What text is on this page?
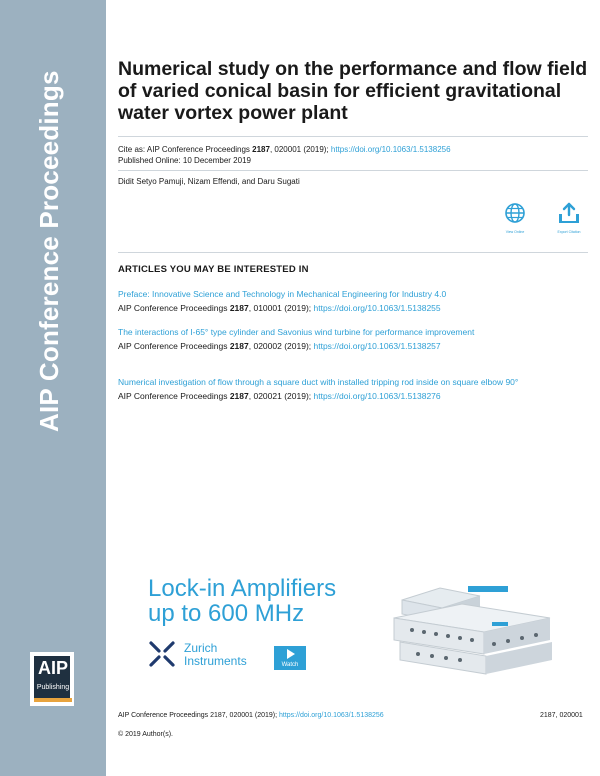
AIP Conference Proceedings
AIP
Publishing
Numerical study on the performance and flow field of varied conical basin for efficient gravitational water vortex power plant
Cite as: AIP Conference Proceedings 2187, 020001 (2019); https://doi.org/10.1063/1.5138256
Published Online: 10 December 2019
Didit Setyo Pamuji, Nizam Effendi, and Daru Sugati
View Online	Export Citation
ARTICLES YOU MAY BE INTERESTED IN
Preface: Innovative Science and Technology in Mechanical Engineering for Industry 4.0
AIP Conference Proceedings 2187, 010001 (2019); https://doi.org/10.1063/1.5138255
The interactions of I-65° type cylinder and Savonius wind turbine for performance improvement
AIP Conference Proceedings 2187, 020002 (2019); https://doi.org/10.1063/1.5138257
Numerical investigation of flow through a square duct with installed tripping rod inside on square elbow 90°
AIP Conference Proceedings 2187, 020021 (2019); https://doi.org/10.1063/1.5138276
Lock-in Amplifiers
up to 600 MHz
Zurich
Instruments	Watch
AIP Conference Proceedings 2187, 020001 (2019); https://doi.org/10.1063/1.5138256	2187, 020001
© 2019 Author(s).
